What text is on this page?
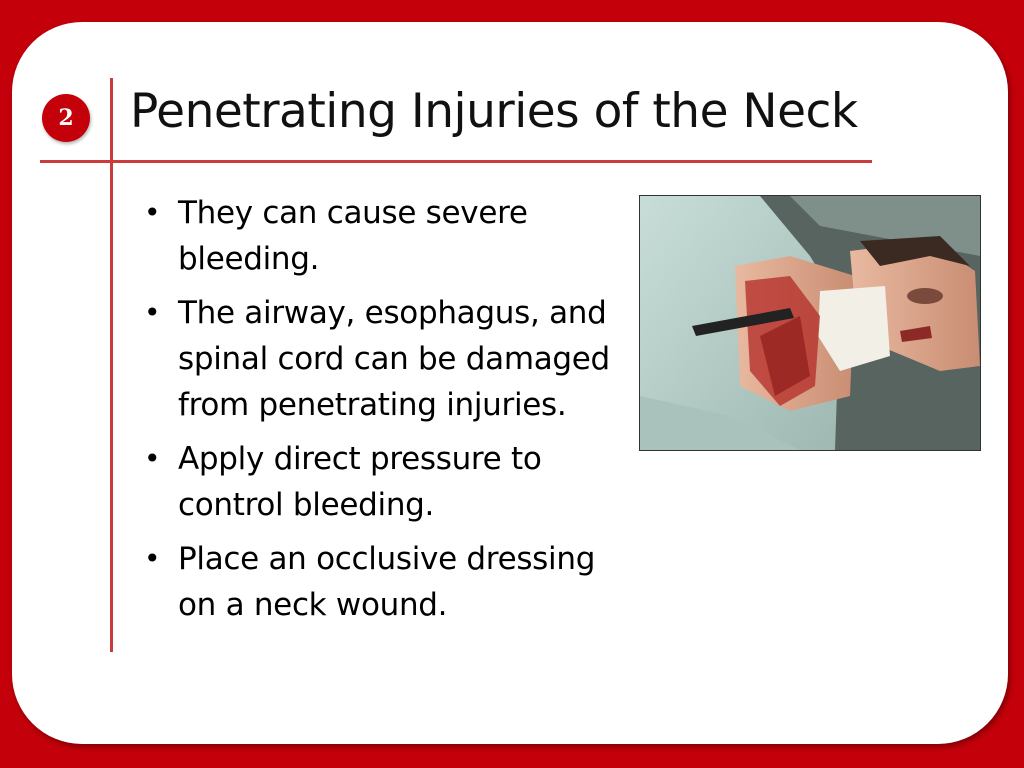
2	Penetrating Injuries of the Neck
• They can cause severe bleeding.
• The airway, esophagus, and spinal cord can be damaged from penetrating injuries.
• Apply direct pressure to control bleeding.
• Place an occlusive dressing on a neck wound.
